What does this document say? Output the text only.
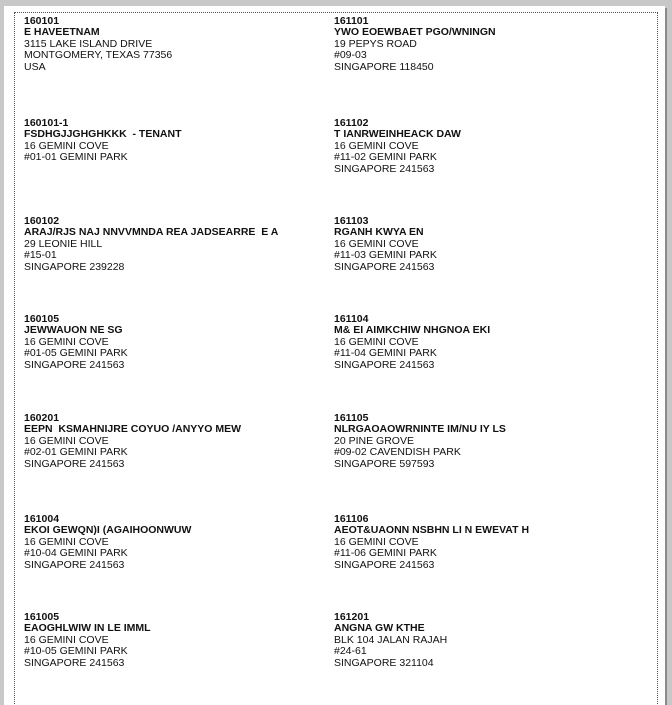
160101
E HAVEETNAM
3115 LAKE ISLAND DRIVE
MONTGOMERY, TEXAS 77356
USA
160101-1
FSDHGJJGHGHKKK  - TENANT
16 GEMINI COVE
#01-01 GEMINI PARK
160102
ARAJ/RJS NAJ NNVVMNDA REA JADSEARRE  E A
29 LEONIE HILL
#15-01
SINGAPORE 239228
160105
JEWWAUON NE SG
16 GEMINI COVE
#01-05 GEMINI PARK
SINGAPORE 241563
160201
EEPN  KSMAHNIJRE COYUO /ANYYO MEW
16 GEMINI COVE
#02-01 GEMINI PARK
SINGAPORE 241563
161004
EKOI GEWQN)I (AGAIHOONWUW
16 GEMINI COVE
#10-04 GEMINI PARK
SINGAPORE 241563
161005
EAOGHLWIW IN LE IMML
16 GEMINI COVE
#10-05 GEMINI PARK
SINGAPORE 241563
161101
YWO EOEWBAET PGO/WNINGN
19 PEPYS ROAD
#09-03
SINGAPORE 118450
161102
T IANRWEINHEACK DAW
16 GEMINI COVE
#11-02 GEMINI PARK
SINGAPORE 241563
161103
RGANH KWYA EN
16 GEMINI COVE
#11-03 GEMINI PARK
SINGAPORE 241563
161104
M& EI AIMKCHIW NHGNOA EKI
16 GEMINI COVE
#11-04 GEMINI PARK
SINGAPORE 241563
161105
NLRGAOAOWRNINTE IM/NU IY LS
20 PINE GROVE
#09-02 CAVENDISH PARK
SINGAPORE 597593
161106
AEOT&UAONN NSBHN LI N EWEVAT H
16 GEMINI COVE
#11-06 GEMINI PARK
SINGAPORE 241563
161201
ANGNA GW KTHE
BLK 104 JALAN RAJAH
#24-61
SINGAPORE 321104
